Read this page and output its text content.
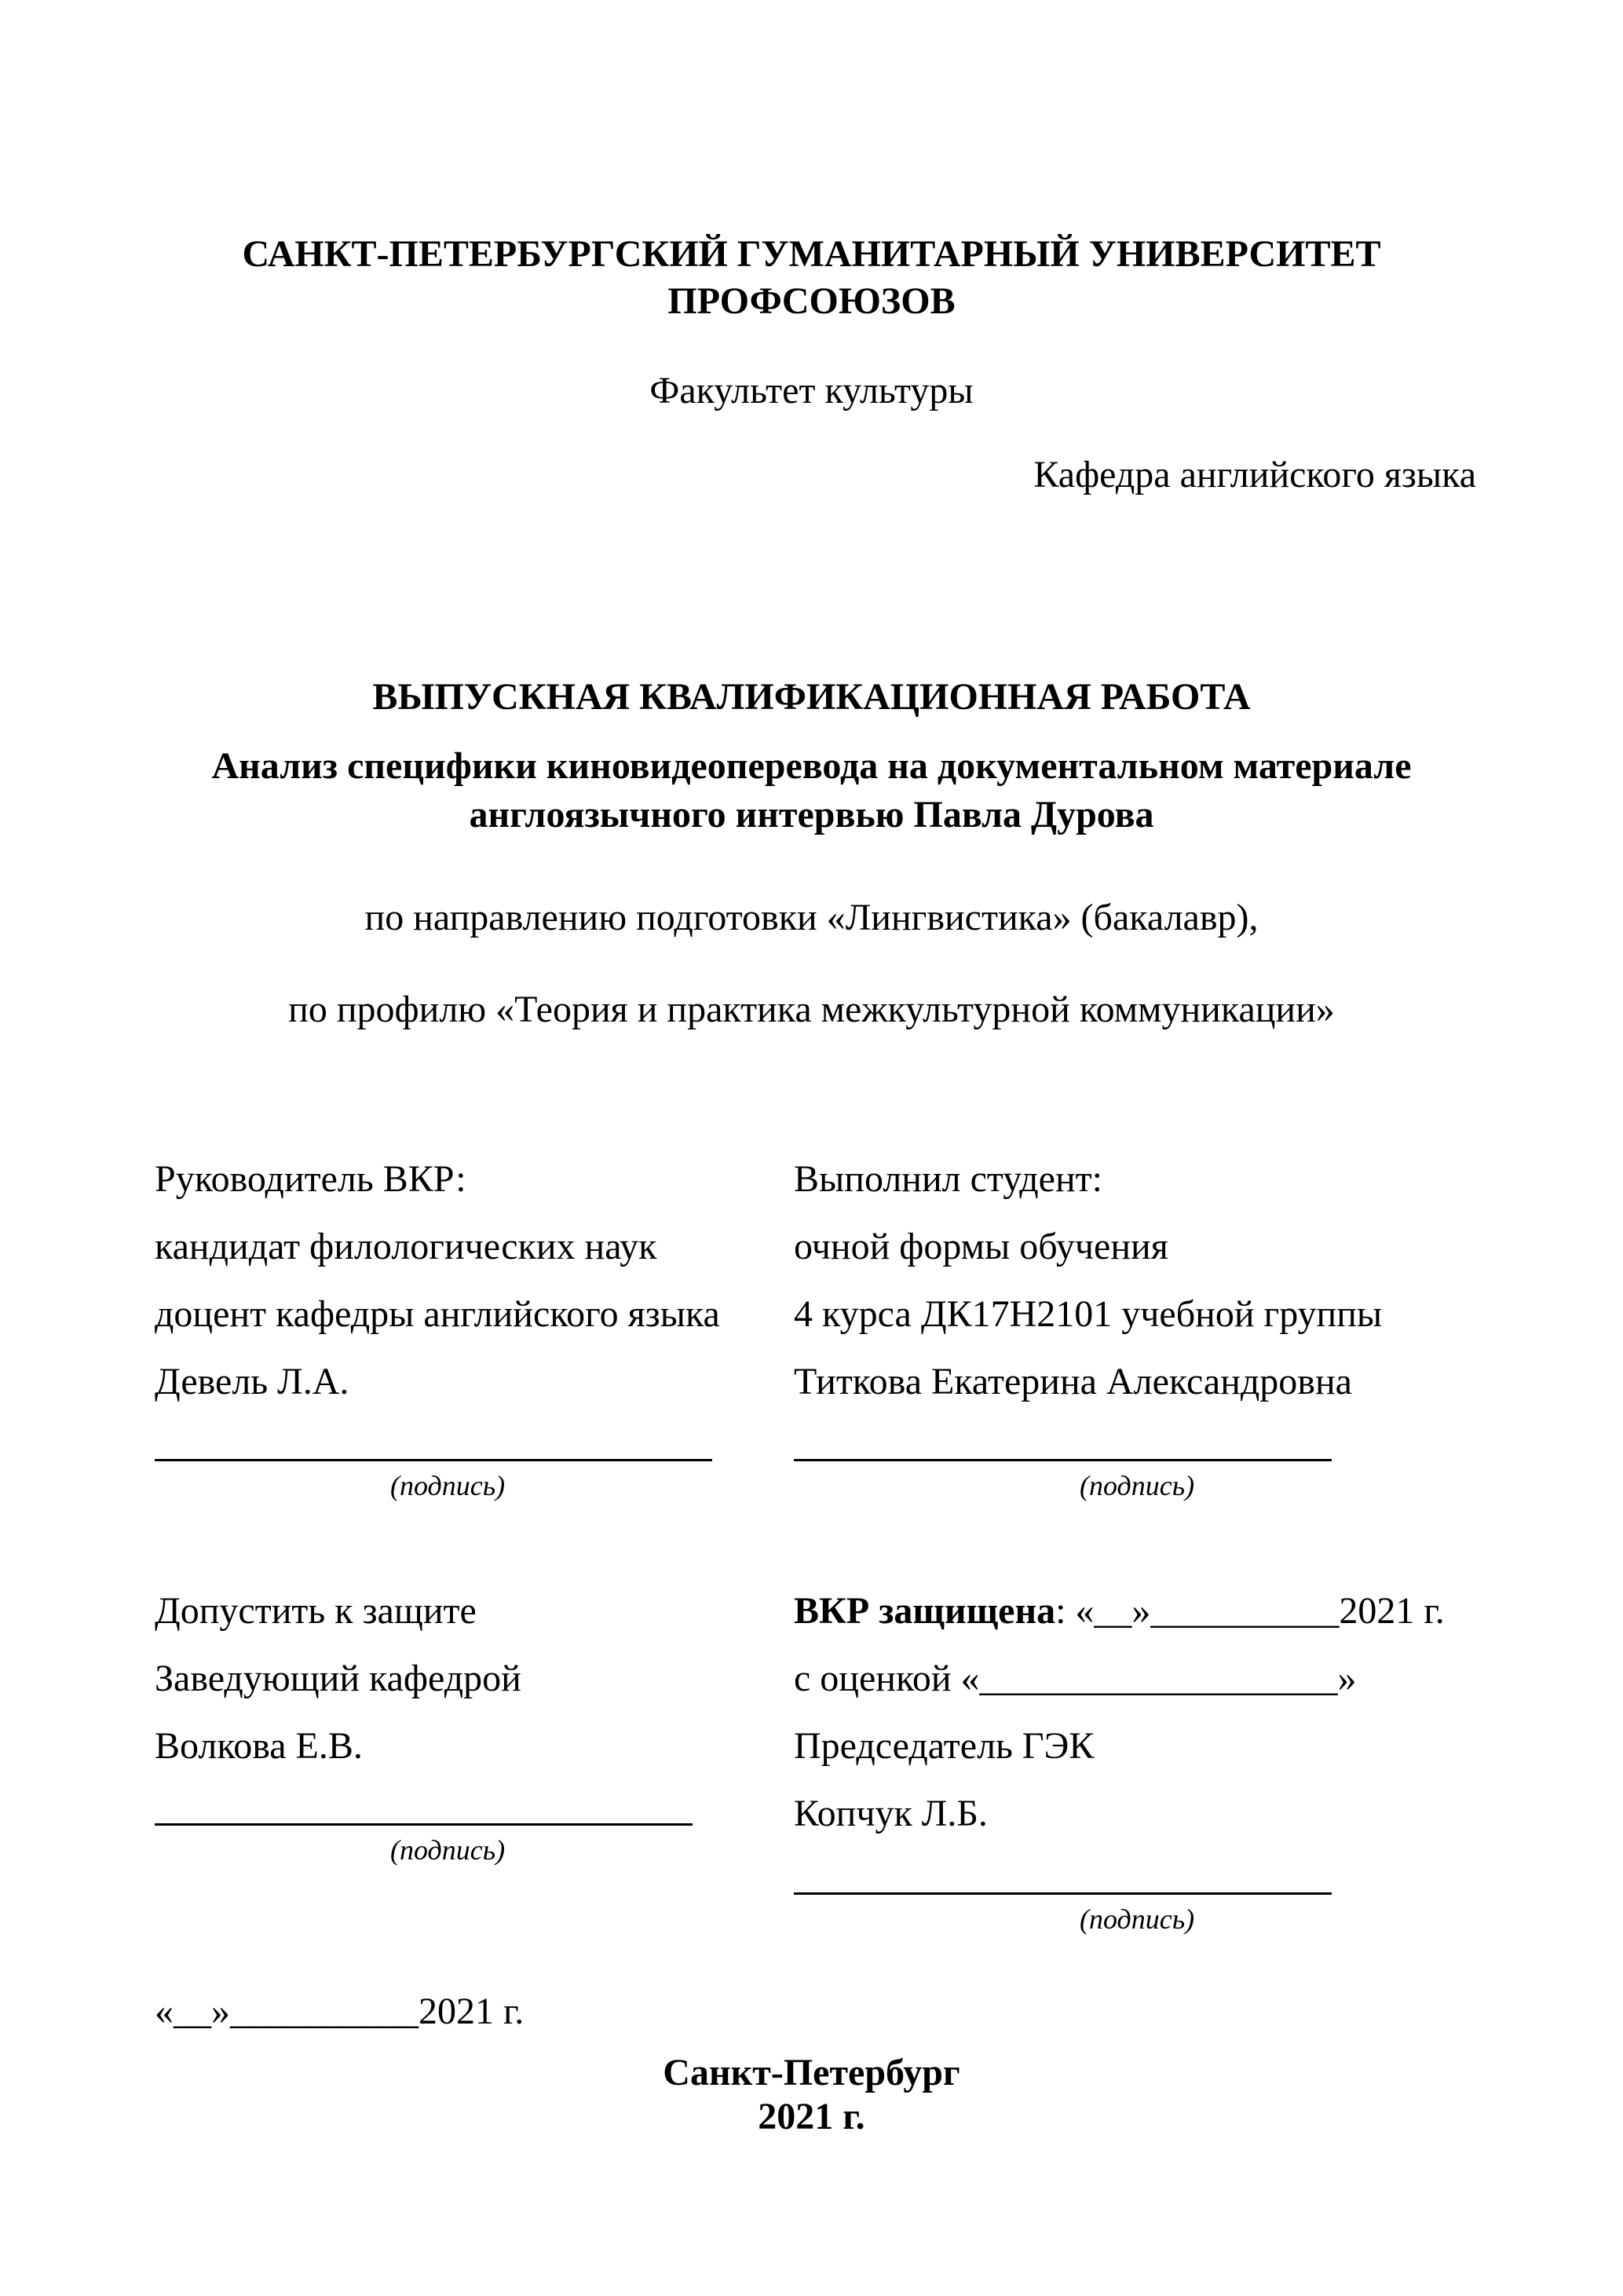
САНКТ-ПЕТЕРБУРГСКИЙ ГУМАНИТАРНЫЙ УНИВЕРСИТЕТ
ПРОФСОЮЗОВ
Факультет культуры
Кафедра английского языка
ВЫПУСКНАЯ КВАЛИФИКАЦИОННАЯ РАБОТА
Анализ специфики киновидеоперевода на документальном материале
англоязычного интервью Павла Дурова
по направлению подготовки «Лингвистика» (бакалавр),
по профилю «Теория и практика межкультурной коммуникации»
Руководитель ВКР:
кандидат филологических наук
доцент кафедры английского языка
Девель Л.А.
(подпись)
Выполнил студент:
очной формы обучения
4 курса ДК17Н2101 учебной группы
Титкова Екатерина Александровна
(подпись)
Допустить к защите
Заведующий кафедрой
Волкова Е.В.
(подпись)
ВКР защищена: «__»__________2021 г.
с оценкой «___________________»
Председатель ГЭК
Копчук Л.Б.
(подпись)
«__»__________2021 г.
Санкт-Петербург
2021 г.
